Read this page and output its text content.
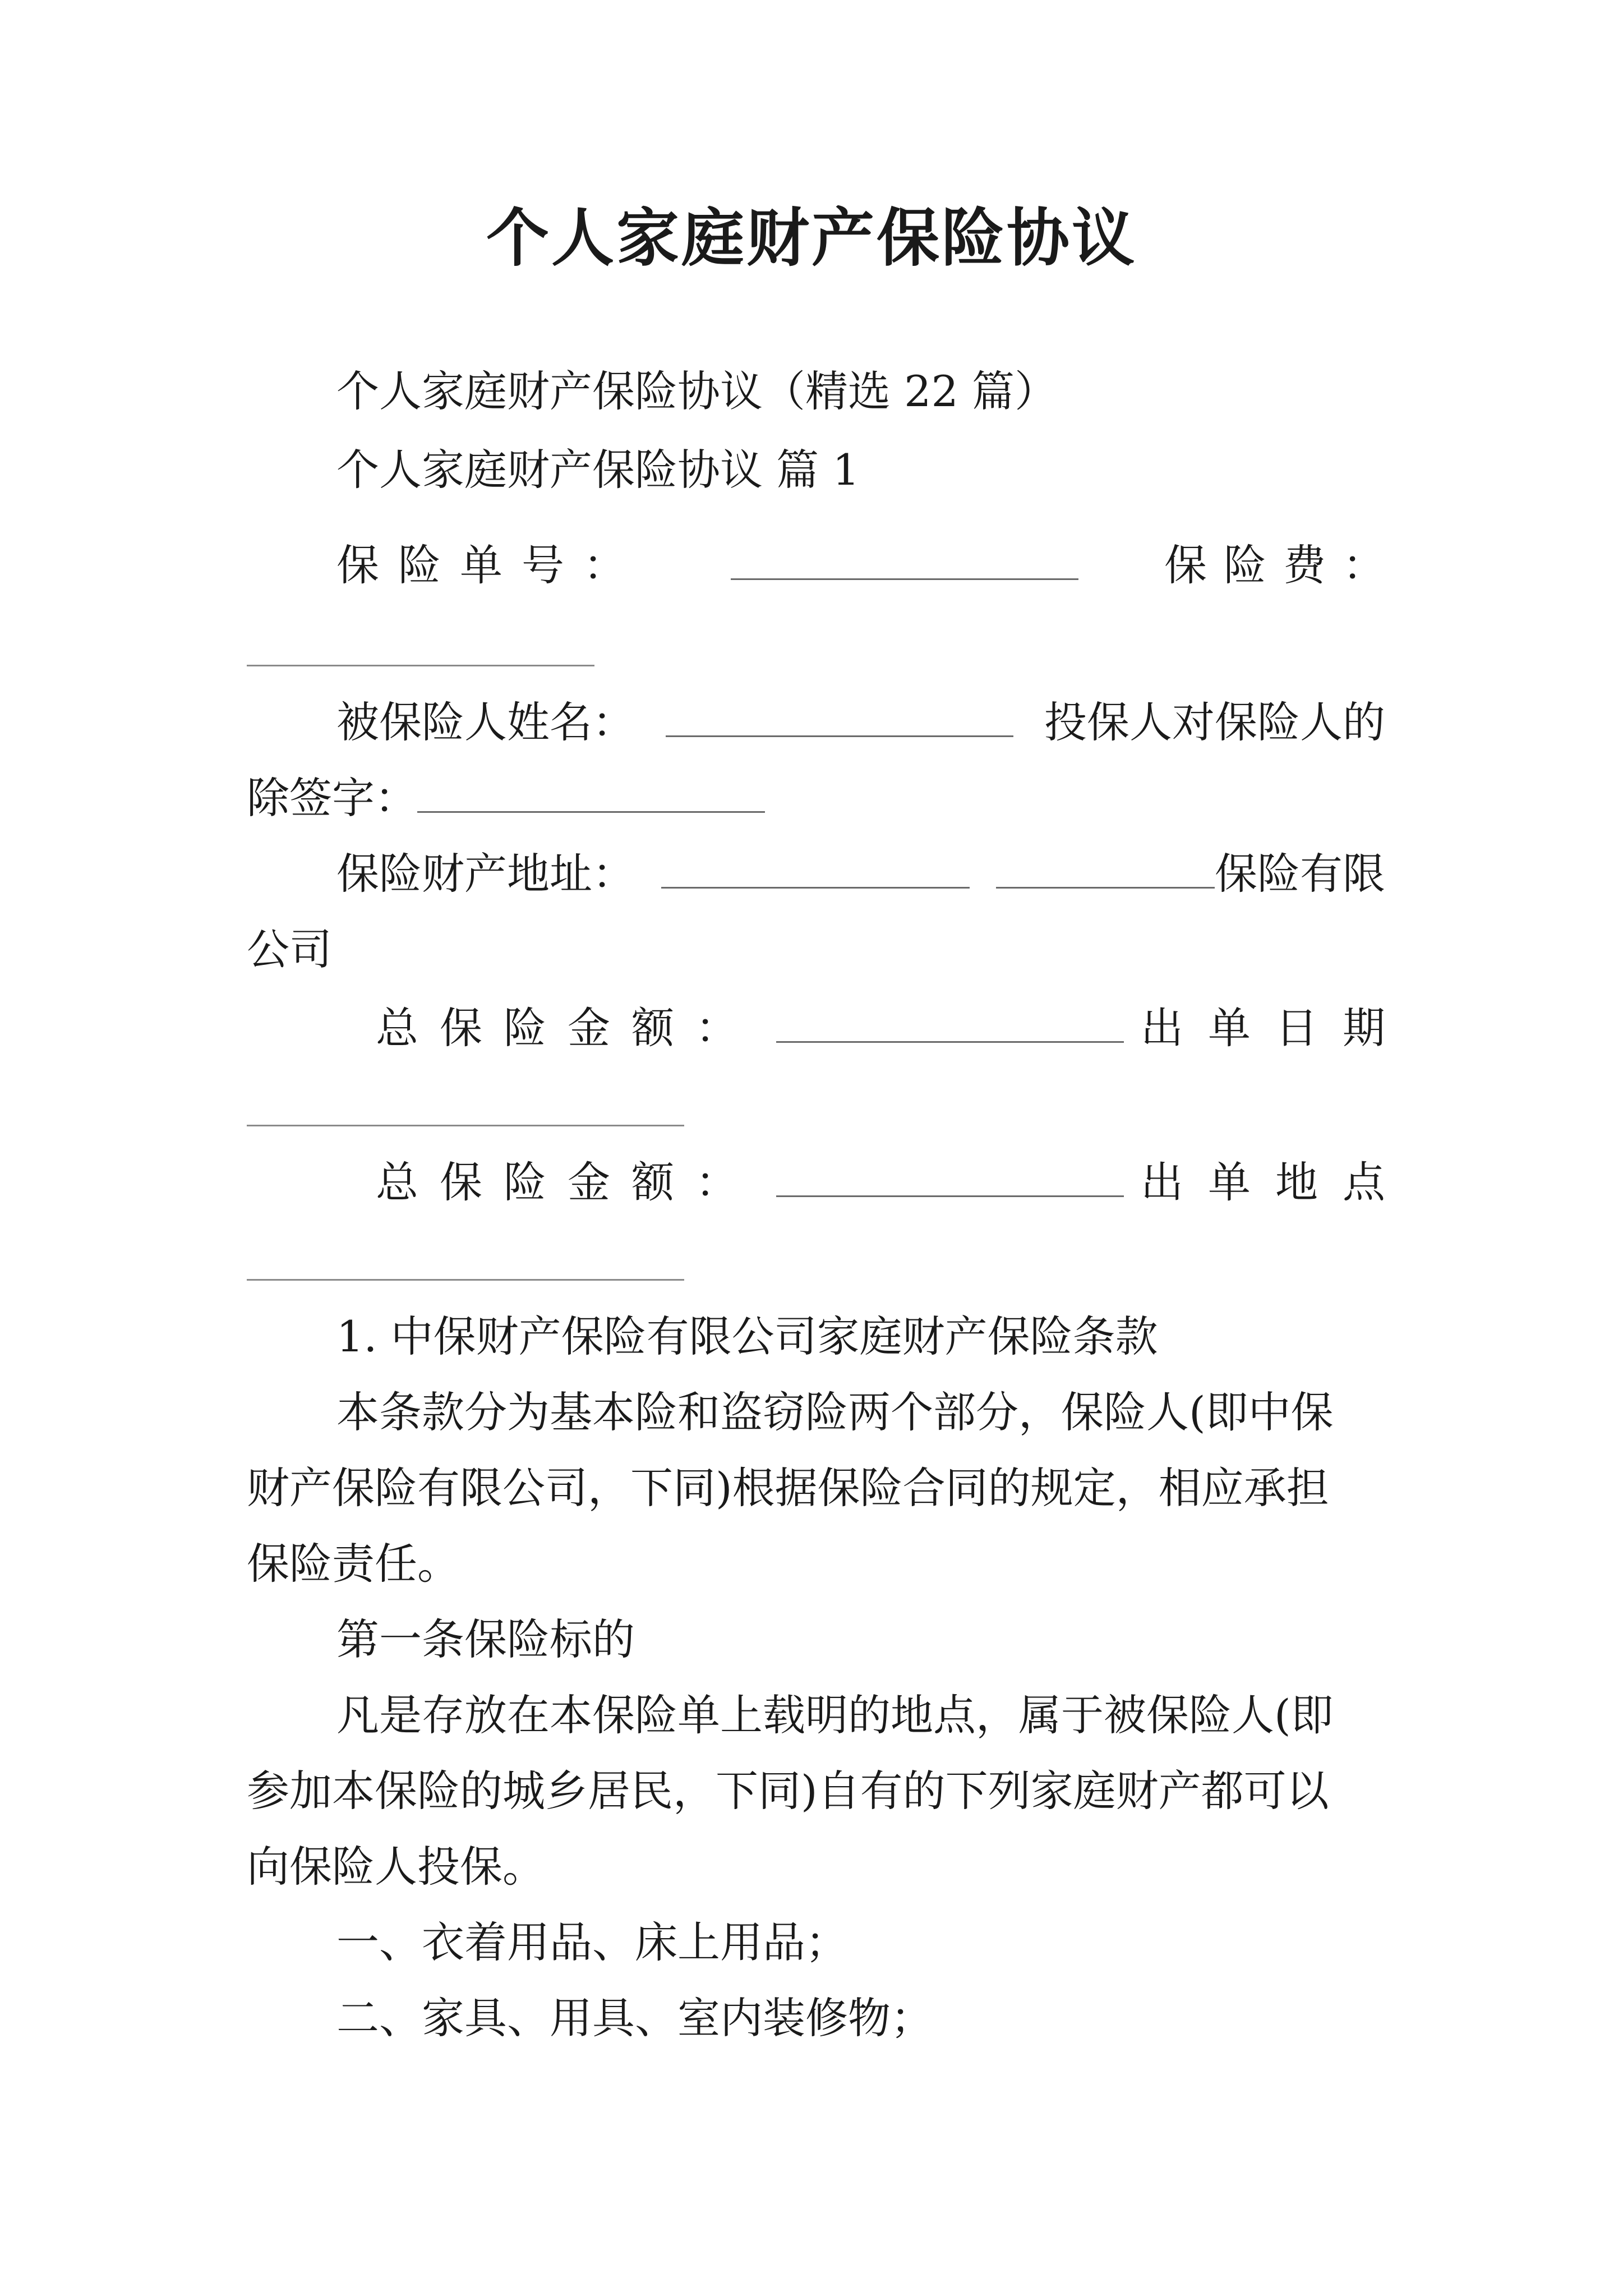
个人家庭财产保险协议
个人家庭财产保险协议（精选 22 篇）
个人家庭财产保险协议 篇 1
保险单号：	保险费：
被保险人姓名：	投保人对保险人的
除签字：
保险财产地址：	保险有限
公司
总保险金额：	出单日期
总保险金额：	出单地点
1. 中保财产保险有限公司家庭财产保险条款
本条款分为基本险和盗窃险两个部分，保险人(即中保
财产保险有限公司，下同)根据保险合同的规定，相应承担
保险责任。
第一条保险标的
凡是存放在本保险单上载明的地点，属于被保险人(即
参加本保险的城乡居民，下同)自有的下列家庭财产都可以
向保险人投保。
一、衣着用品、床上用品；
二、家具、用具、室内装修物；
